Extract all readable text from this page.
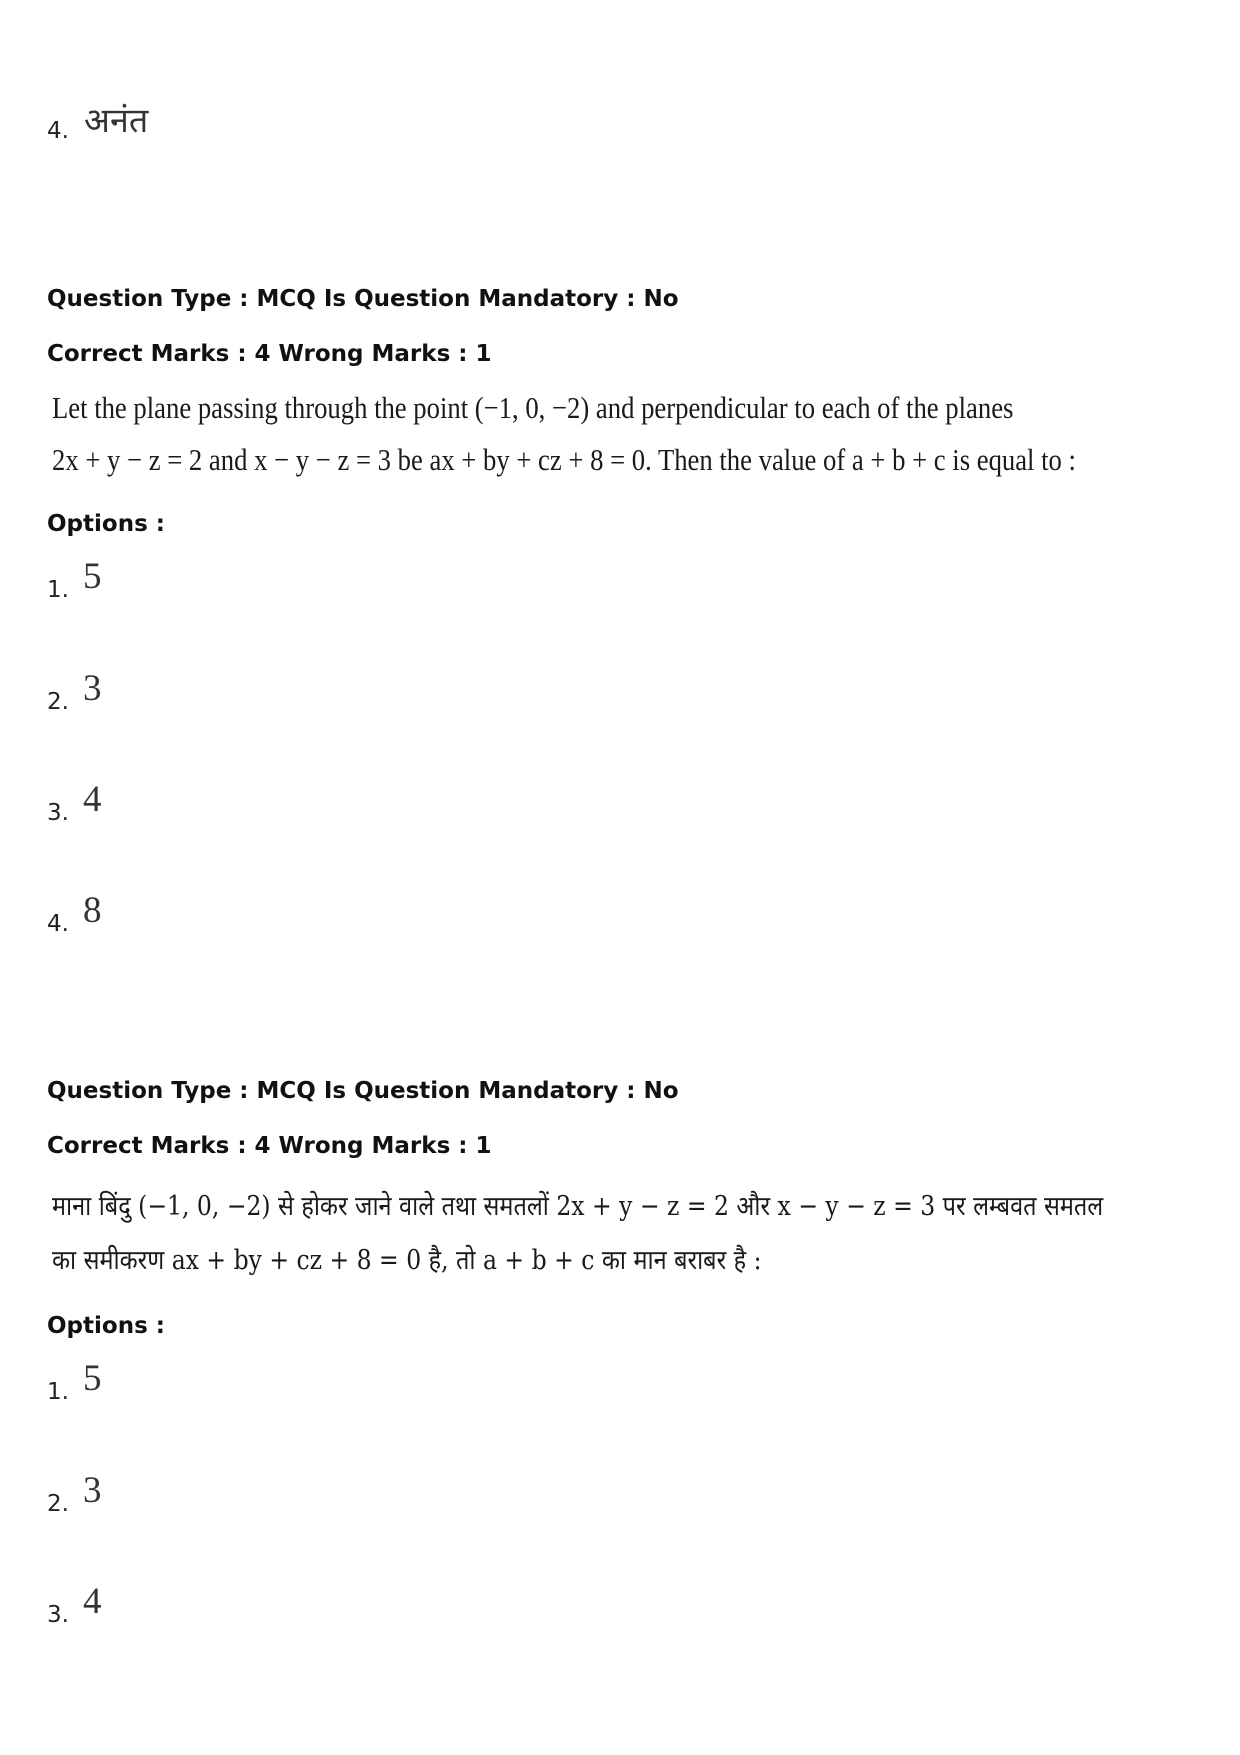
4. अनंत
Question Type : MCQ Is Question Mandatory : No
Correct Marks : 4 Wrong Marks : 1
Let the plane passing through the point (−1, 0, −2) and perpendicular to each of the planes
2x + y − z = 2 and x − y − z = 3 be ax + by + cz + 8 = 0. Then the value of a + b + c is equal to :
Options :
1. 5
2. 3
3. 4
4. 8
Question Type : MCQ Is Question Mandatory : No
Correct Marks : 4 Wrong Marks : 1
माना बिंदु (−1, 0, −2) से होकर जाने वाले तथा समतलों 2x + y − z = 2 और x − y − z = 3 पर लम्बवत समतल
का समीकरण ax + by + cz + 8 = 0 है, तो a + b + c का मान बराबर है :
Options :
1. 5
2. 3
3. 4
